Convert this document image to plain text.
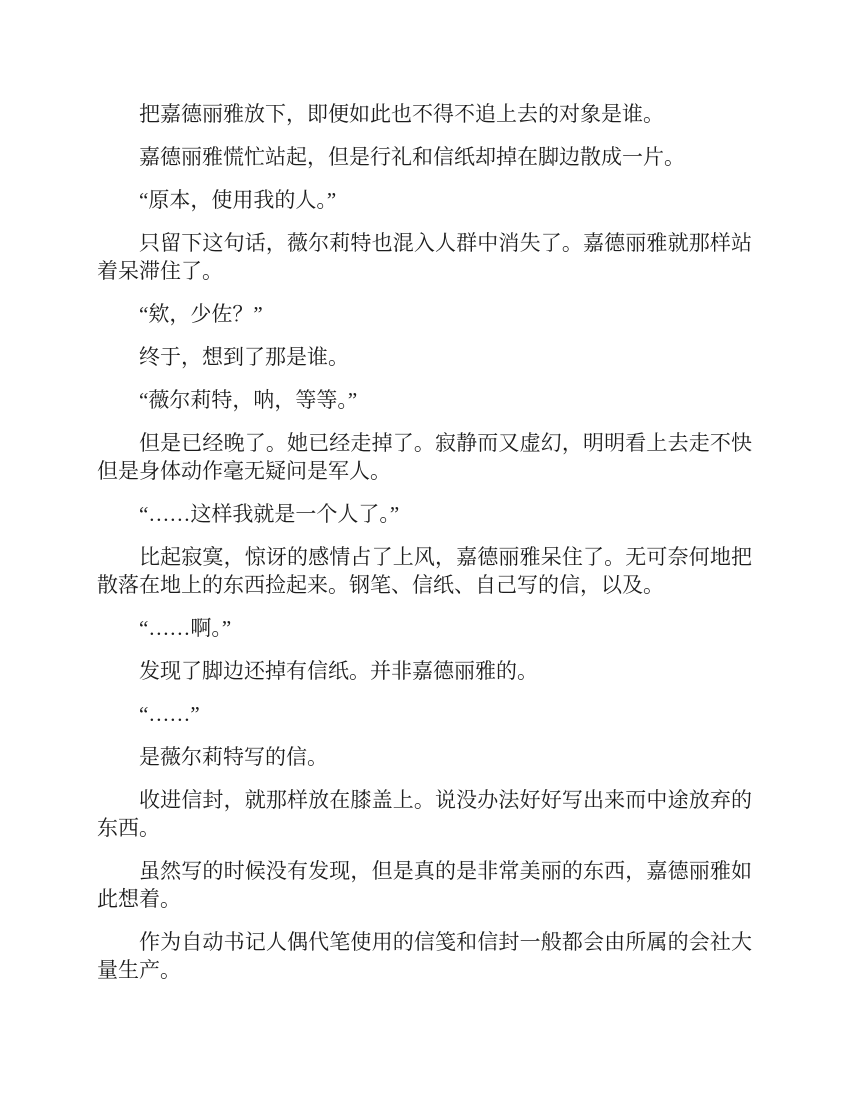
把嘉德丽雅放下，即便如此也不得不追上去的对象是谁。

嘉德丽雅慌忙站起，但是行礼和信纸却掉在脚边散成一片。

“原本，使用我的人。”

只留下这句话，薇尔莉特也混入人群中消失了。嘉德丽雅就那样站着呆滞住了。

“欸，少佐？”

终于，想到了那是谁。

“薇尔莉特，呐，等等。”

但是已经晚了。她已经走掉了。寂静而又虚幻，明明看上去走不快但是身体动作毫无疑问是军人。

“……这样我就是一个人了。”

比起寂寞，惊讶的感情占了上风，嘉德丽雅呆住了。无可奈何地把散落在地上的东西捡起来。钢笔、信纸、自己写的信，以及。

“……啊。”

发现了脚边还掉有信纸。并非嘉德丽雅的。

“……”

是薇尔莉特写的信。

收进信封，就那样放在膝盖上。说没办法好好写出来而中途放弃的东西。

虽然写的时候没有发现，但是真的是非常美丽的东西，嘉德丽雅如此想着。

作为自动书记人偶代笔使用的信笺和信封一般都会由所属的会社大量生产。
